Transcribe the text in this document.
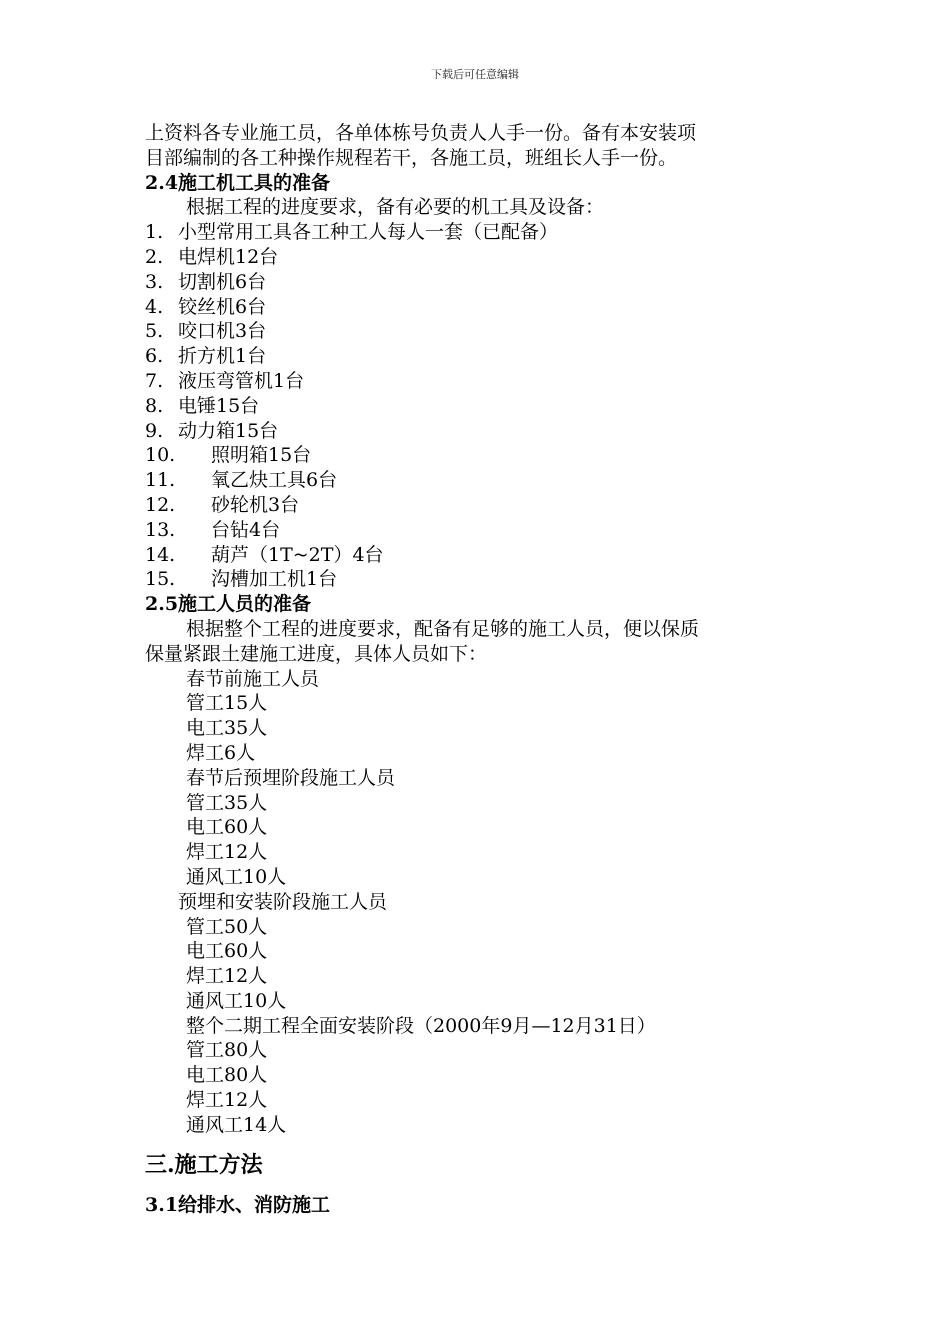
下载后可任意编辑
上资料各专业施工员，各单体栋号负责人人手一份。备有本安装项
目部编制的各工种操作规程若干，各施工员，班组长人手一份。
2.4施工机工具的准备
根据工程的进度要求，备有必要的机工具及设备：
1. 小型常用工具各工种工人每人一套（已配备）
2. 电焊机12台
3. 切割机6台
4. 铰丝机6台
5. 咬口机3台
6. 折方机1台
7. 液压弯管机1台
8. 电锤15台
9. 动力箱15台
10.	照明箱15台
11.	氧乙炔工具6台
12.	砂轮机3台
13.	台钻4台
14.	葫芦（1T~2T）4台
15.	沟槽加工机1台
2.5施工人员的准备
根据整个工程的进度要求，配备有足够的施工人员，便以保质
保量紧跟土建施工进度，具体人员如下：
春节前施工人员
管工15人
电工35人
焊工6人
春节后预埋阶段施工人员
管工35人
电工60人
焊工12人
通风工10人
预埋和安装阶段施工人员
管工50人
电工60人
焊工12人
通风工10人
整个二期工程全面安装阶段（2000年9月—12月31日）
管工80人
电工80人
焊工12人
通风工14人
三.施工方法
3.1给排水、消防施工
